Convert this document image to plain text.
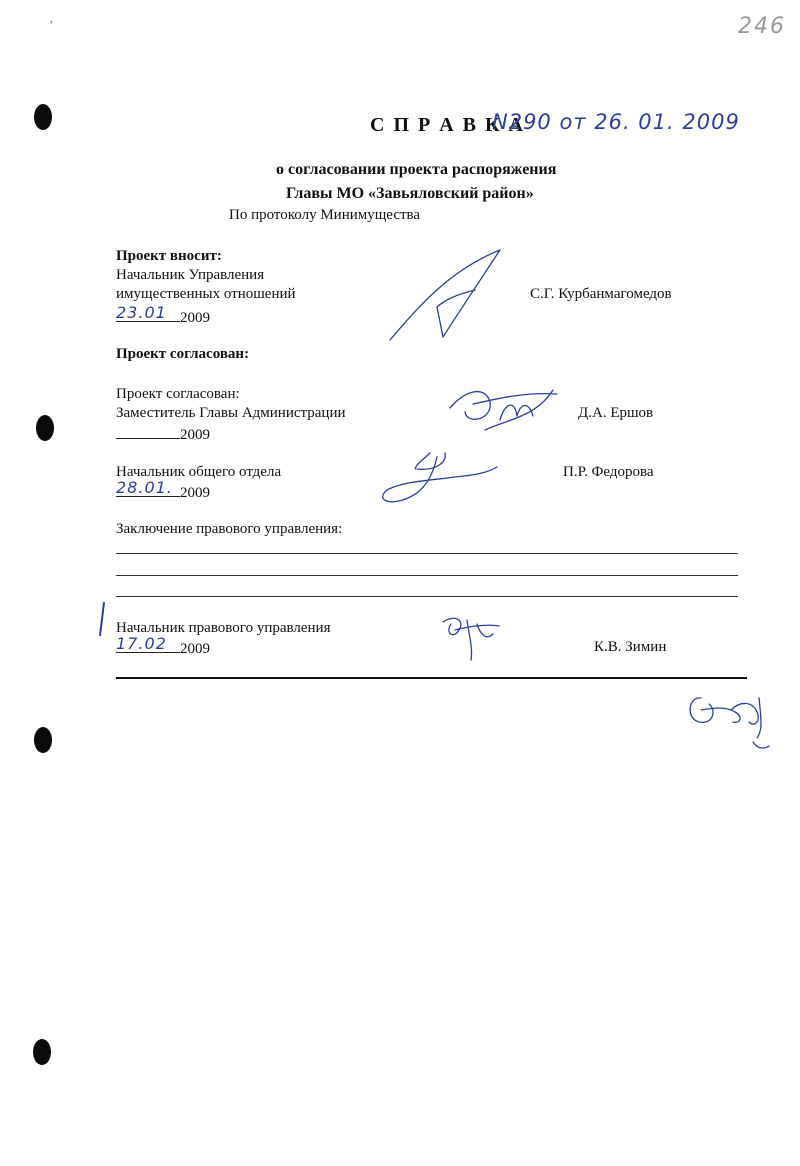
,	246
С П Р А В К А
N290 от 26. 01. 2009
о согласовании проекта распоряжения
Главы МО «Завьяловский район»
По протоколу Минимущества
Проект вносит:
Начальник Управления
имущественных отношений
23.01 2009
С.Г. Курбанмагомедов
Проект согласован:
Проект согласован:
Заместитель Главы Администрации
2009
Д.А. Ершов
Начальник общего отдела
28.01. 2009
П.Р. Федорова
Заключение правового управления:
Начальник правового управления
17.02 2009	К.В. Зимин
